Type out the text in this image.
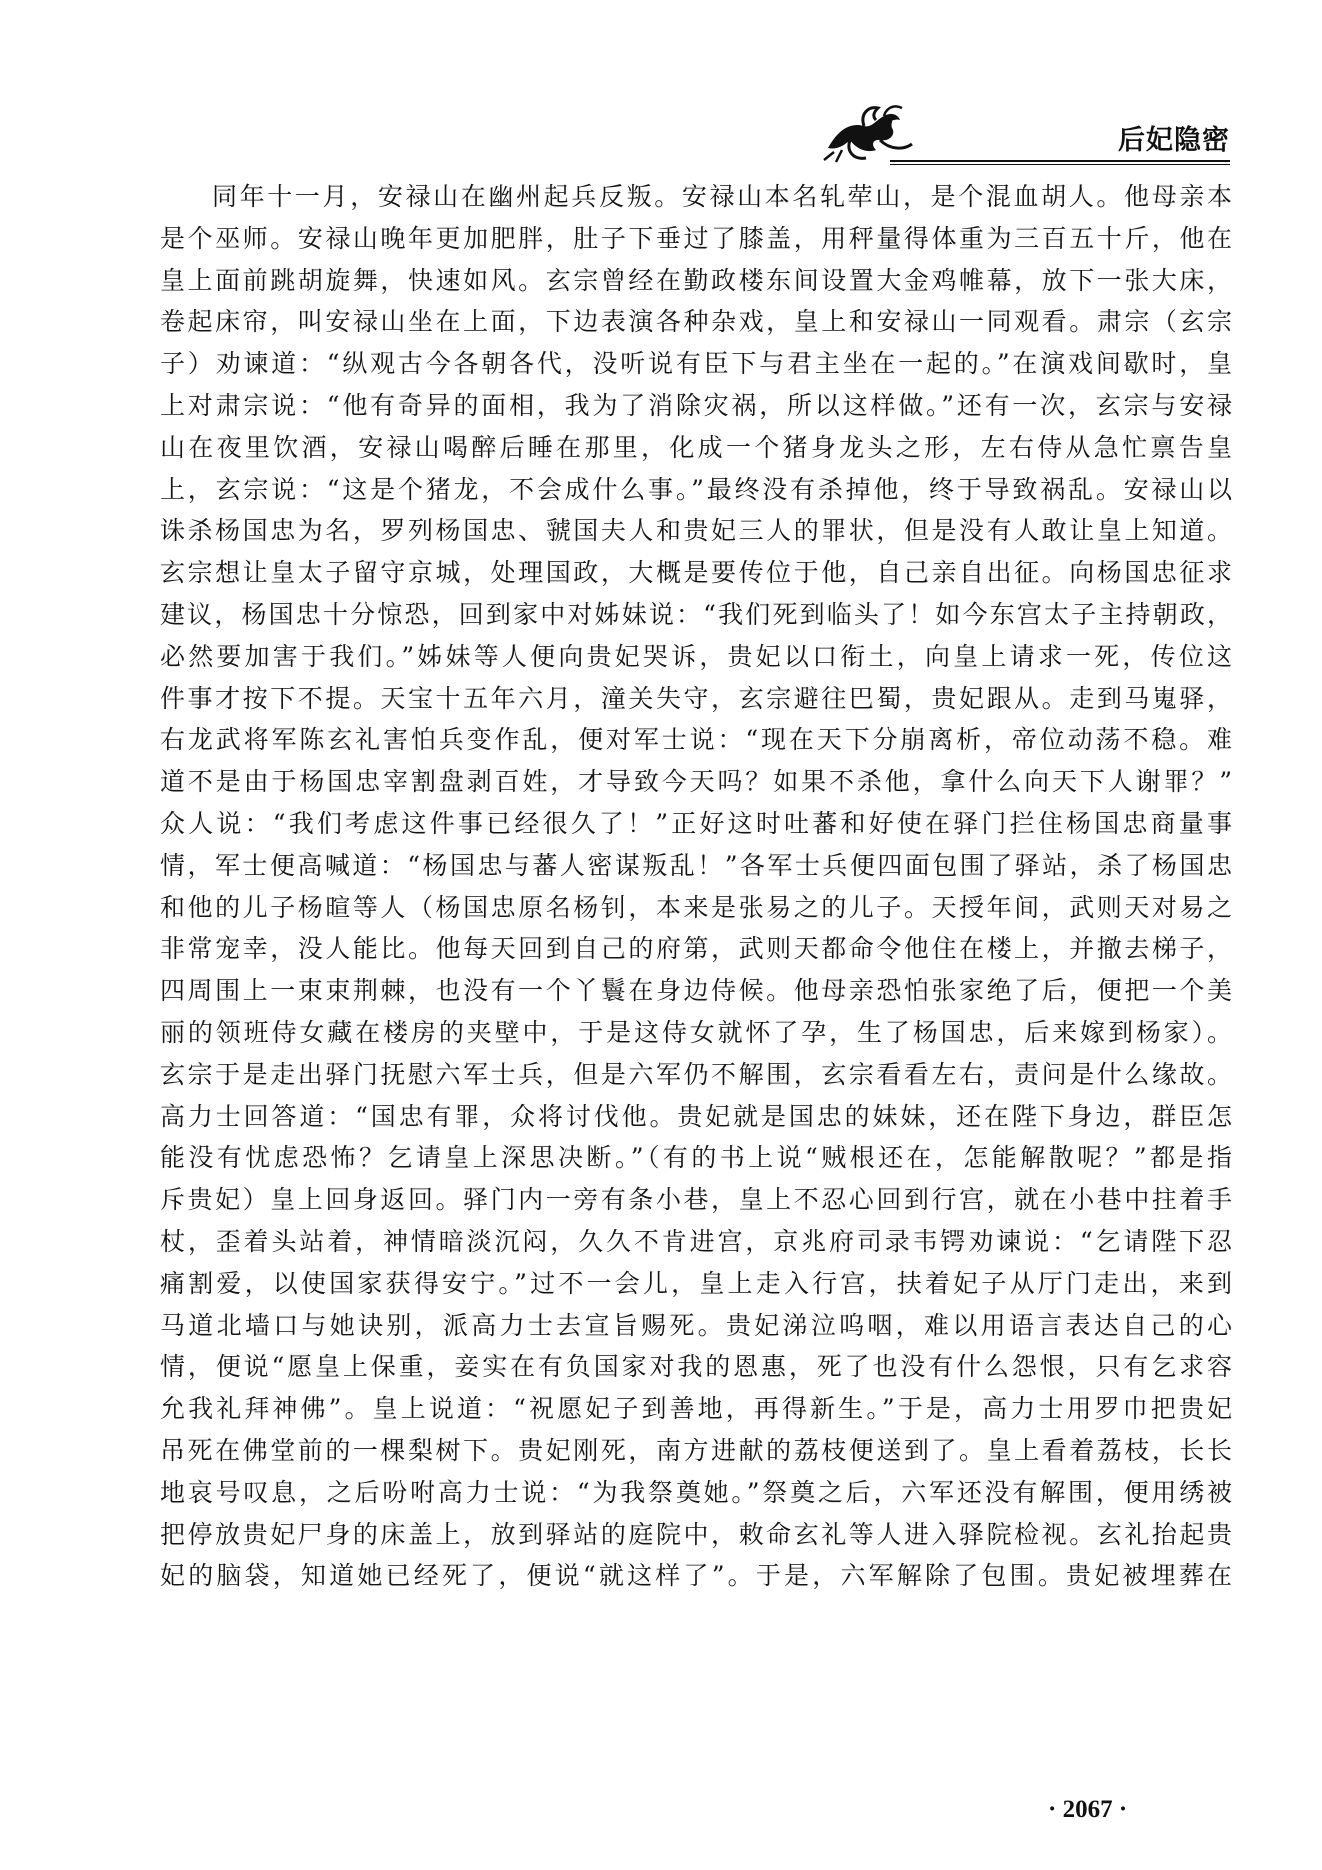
后妃隐密
同年十一月，安禄山在幽州起兵反叛。安禄山本名轧荦山，是个混血胡人。他母亲本
是个巫师。安禄山晚年更加肥胖，肚子下垂过了膝盖，用秤量得体重为三百五十斤，他在
皇上面前跳胡旋舞，快速如风。玄宗曾经在勤政楼东间设置大金鸡帷幕，放下一张大床，
卷起床帘，叫安禄山坐在上面，下边表演各种杂戏，皇上和安禄山一同观看。肃宗（玄宗
子）劝谏道：“纵观古今各朝各代，没听说有臣下与君主坐在一起的。”在演戏间歇时，皇
上对肃宗说：“他有奇异的面相，我为了消除灾祸，所以这样做。”还有一次，玄宗与安禄
山在夜里饮酒，安禄山喝醉后睡在那里，化成一个猪身龙头之形，左右侍从急忙禀告皇
上，玄宗说：“这是个猪龙，不会成什么事。”最终没有杀掉他，终于导致祸乱。安禄山以
诛杀杨国忠为名，罗列杨国忠、虢国夫人和贵妃三人的罪状，但是没有人敢让皇上知道。
玄宗想让皇太子留守京城，处理国政，大概是要传位于他，自己亲自出征。向杨国忠征求
建议，杨国忠十分惊恐，回到家中对姊妹说：“我们死到临头了！如今东宫太子主持朝政，
必然要加害于我们。”姊妹等人便向贵妃哭诉，贵妃以口衔土，向皇上请求一死，传位这
件事才按下不提。天宝十五年六月，潼关失守，玄宗避往巴蜀，贵妃跟从。走到马嵬驿，
右龙武将军陈玄礼害怕兵变作乱，便对军士说：“现在天下分崩离析，帝位动荡不稳。难
道不是由于杨国忠宰割盘剥百姓，才导致今天吗？如果不杀他，拿什么向天下人谢罪？”
众人说：“我们考虑这件事已经很久了！”正好这时吐蕃和好使在驿门拦住杨国忠商量事
情，军士便高喊道：“杨国忠与蕃人密谋叛乱！”各军士兵便四面包围了驿站，杀了杨国忠
和他的儿子杨暄等人（杨国忠原名杨钊，本来是张易之的儿子。天授年间，武则天对易之
非常宠幸，没人能比。他每天回到自己的府第，武则天都命令他住在楼上，并撤去梯子，
四周围上一束束荆棘，也没有一个丫鬟在身边侍候。他母亲恐怕张家绝了后，便把一个美
丽的领班侍女藏在楼房的夹壁中，于是这侍女就怀了孕，生了杨国忠，后来嫁到杨家）。
玄宗于是走出驿门抚慰六军士兵，但是六军仍不解围，玄宗看看左右，责问是什么缘故。
高力士回答道：“国忠有罪，众将讨伐他。贵妃就是国忠的妹妹，还在陛下身边，群臣怎
能没有忧虑恐怖？乞请皇上深思决断。”（有的书上说“贼根还在，怎能解散呢？”都是指
斥贵妃）皇上回身返回。驿门内一旁有条小巷，皇上不忍心回到行宫，就在小巷中拄着手
杖，歪着头站着，神情暗淡沉闷，久久不肯进宫，京兆府司录韦锷劝谏说：“乞请陛下忍
痛割爱，以使国家获得安宁。”过不一会儿，皇上走入行宫，扶着妃子从厅门走出，来到
马道北墙口与她诀别，派高力士去宣旨赐死。贵妃涕泣呜咽，难以用语言表达自己的心
情，便说“愿皇上保重，妾实在有负国家对我的恩惠，死了也没有什么怨恨，只有乞求容
允我礼拜神佛”。皇上说道：“祝愿妃子到善地，再得新生。”于是，高力士用罗巾把贵妃
吊死在佛堂前的一棵梨树下。贵妃刚死，南方进献的荔枝便送到了。皇上看着荔枝，长长
地哀号叹息，之后吩咐高力士说：“为我祭奠她。”祭奠之后，六军还没有解围，便用绣被
把停放贵妃尸身的床盖上，放到驿站的庭院中，敕命玄礼等人进入驿院检视。玄礼抬起贵
妃的脑袋，知道她已经死了，便说“就这样了”。于是，六军解除了包围。贵妃被埋葬在
· 2067 ·
